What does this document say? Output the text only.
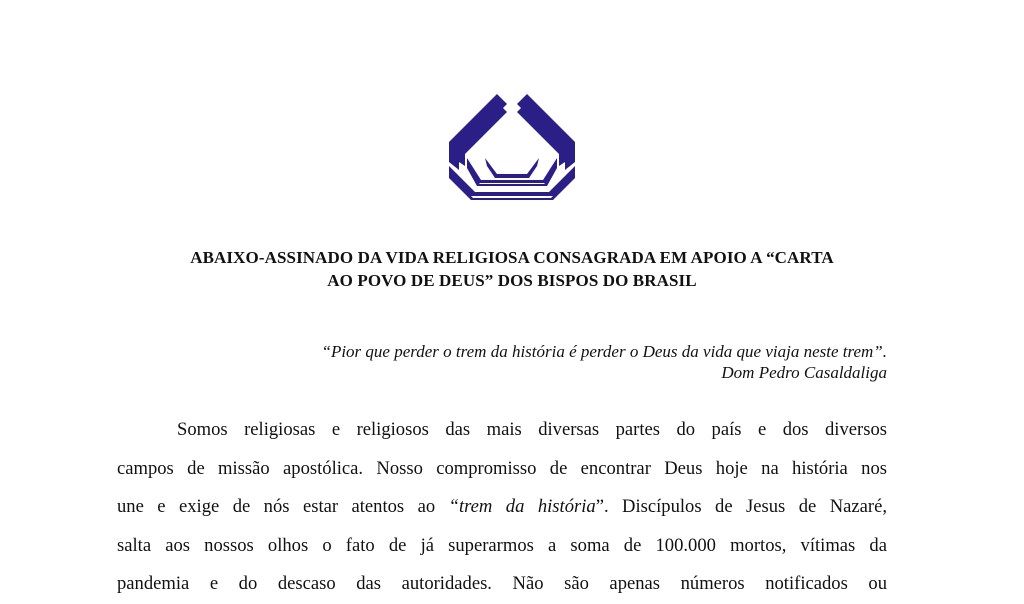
ABAIXO-ASSINADO DA VIDA RELIGIOSA CONSAGRADA EM APOIO A “CARTA
AO POVO DE DEUS” DOS BISPOS DO BRASIL
“Pior que perder o trem da história é perder o Deus da vida que viaja neste trem”.
Dom Pedro Casaldaliga
Somos religiosas e religiosos das mais diversas partes do país e dos diversos
campos de missão apostólica. Nosso compromisso de encontrar Deus hoje na história nos
une e exige de nós estar atentos ao “trem da história”. Discípulos de Jesus de Nazaré,
salta aos nossos olhos o fato de já superarmos a soma de 100.000 mortos, vítimas da
pandemia e do descaso das autoridades. Não são apenas números notificados ou
